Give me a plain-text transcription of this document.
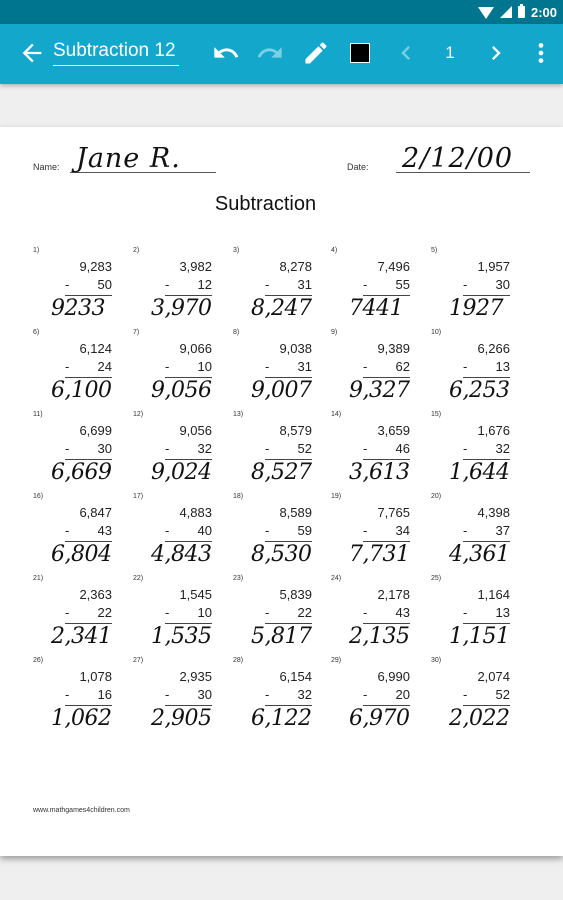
2:00
Subtraction 12	1
Name: Jane R.	Date: 2/12/00
Subtraction
1)
9,283
- 50
9233
2)
3,982
- 12
3,970
3)
8,278
- 31
8,247
4)
7,496
- 55
7441
5)
1,957
- 30
1927
6)
6,124
- 24
6,100
7)
9,066
- 10
9,056
8)
9,038
- 31
9,007
9)
9,389
- 62
9,327
10)
6,266
- 13
6,253
11)
6,699
- 30
6,669
12)
9,056
- 32
9,024
13)
8,579
- 52
8,527
14)
3,659
- 46
3,613
15)
1,676
- 32
1,644
16)
6,847
- 43
6,804
17)
4,883
- 40
4,843
18)
8,589
- 59
8,530
19)
7,765
- 34
7,731
20)
4,398
- 37
4,361
21)
2,363
- 22
2,341
22)
1,545
- 10
1,535
23)
5,839
- 22
5,817
24)
2,178
- 43
2,135
25)
1,164
- 13
1,151
26)
1,078
- 16
1,062
27)
2,935
- 30
2,905
28)
6,154
- 32
6,122
29)
6,990
- 20
6,970
30)
2,074
- 52
2,022
www.mathgames4children.com
